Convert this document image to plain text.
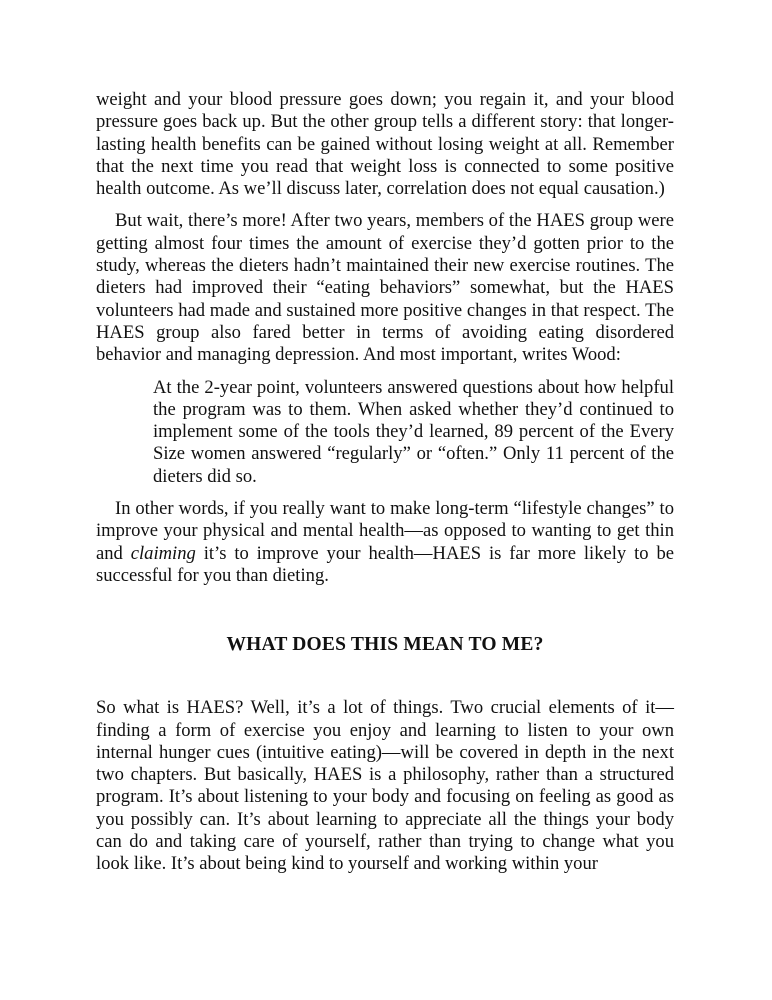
weight and your blood pressure goes down; you regain it, and your blood pressure goes back up. But the other group tells a different story: that longer-lasting health benefits can be gained without losing weight at all. Remember that the next time you read that weight loss is connected to some positive health outcome. As we’ll discuss later, correlation does not equal causation.)

But wait, there’s more! After two years, members of the HAES group were getting almost four times the amount of exercise they’d gotten prior to the study, whereas the dieters hadn’t maintained their new exercise routines. The dieters had improved their “eating behaviors” somewhat, but the HAES volunteers had made and sustained more positive changes in that respect. The HAES group also fared better in terms of avoiding eating disordered behavior and managing depression. And most important, writes Wood:

At the 2-year point, volunteers answered questions about how helpful the program was to them. When asked whether they’d continued to implement some of the tools they’d learned, 89 percent of the Every Size women answered “regularly” or “often.” Only 11 percent of the dieters did so.

In other words, if you really want to make long-term “lifestyle changes” to improve your physical and mental health—as opposed to wanting to get thin and claiming it’s to improve your health—HAES is far more likely to be successful for you than dieting.

WHAT DOES THIS MEAN TO ME?

So what is HAES? Well, it’s a lot of things. Two crucial elements of it—finding a form of exercise you enjoy and learning to listen to your own internal hunger cues (intuitive eating)—will be covered in depth in the next two chapters. But basically, HAES is a philosophy, rather than a structured program. It’s about listening to your body and focusing on feeling as good as you possibly can. It’s about learning to appreciate all the things your body can do and taking care of yourself, rather than trying to change what you look like. It’s about being kind to yourself and working within your
